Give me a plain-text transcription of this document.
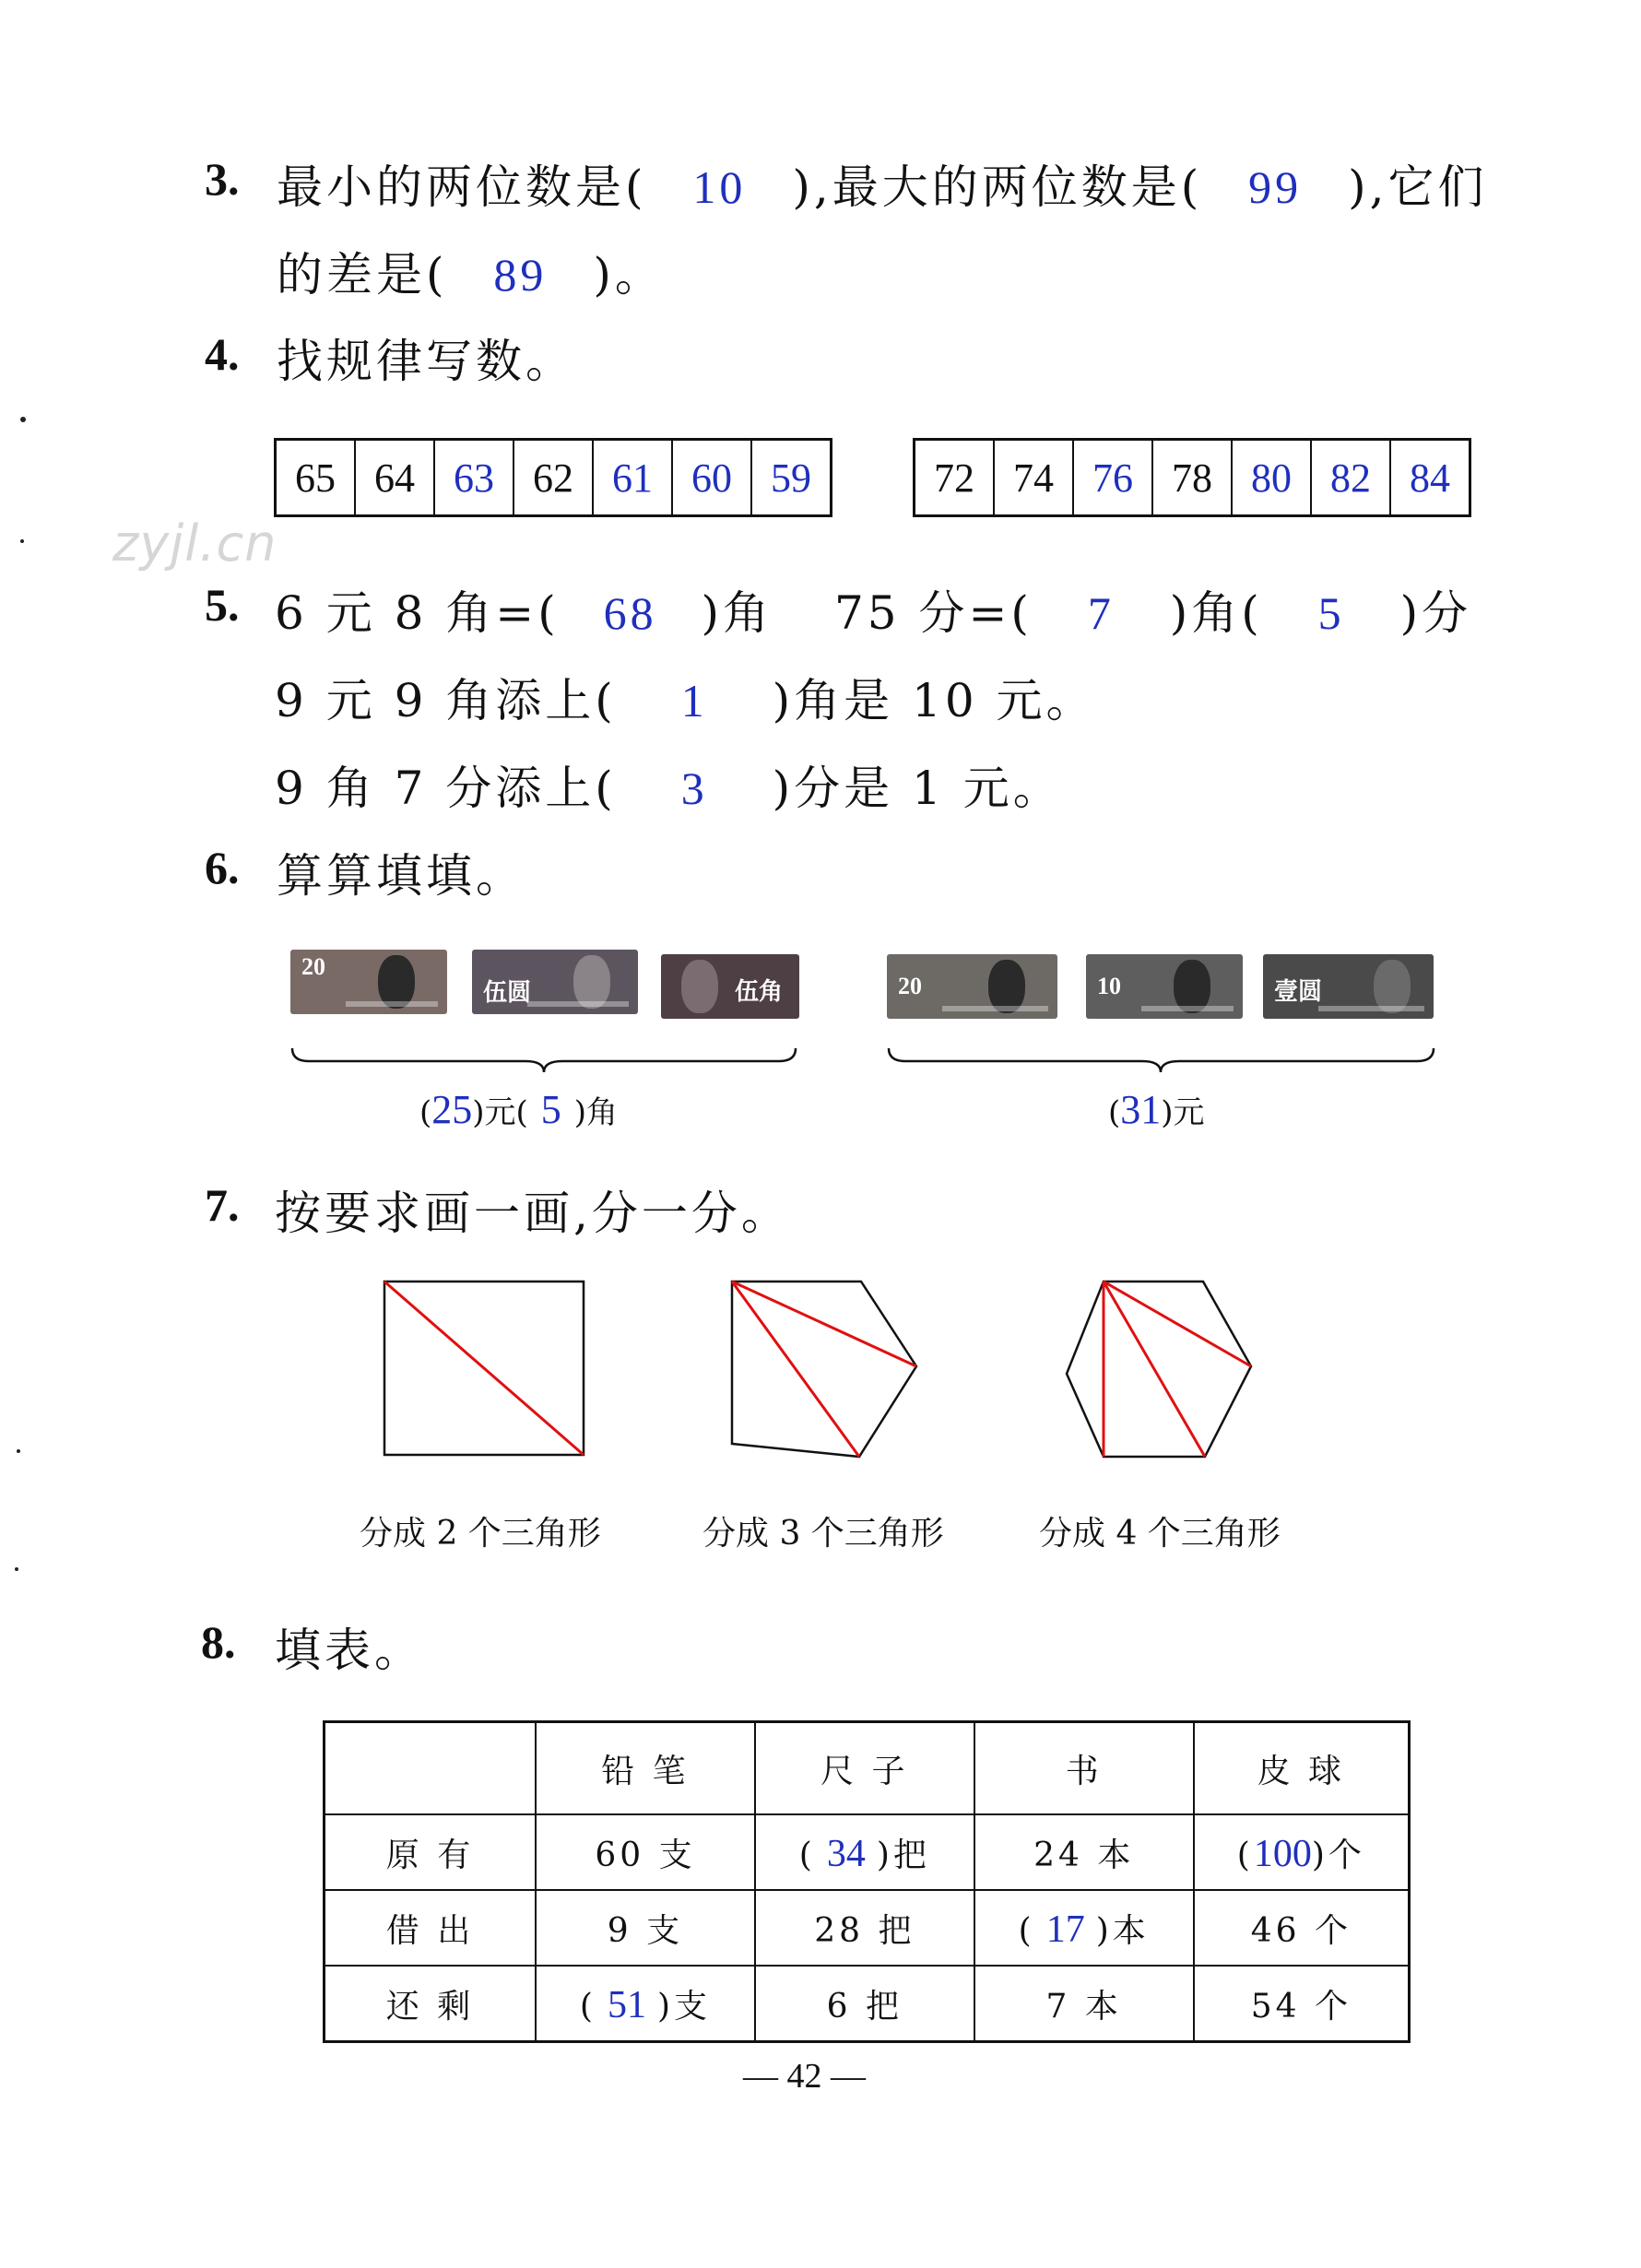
3. 最小的两位数是( 10 ),最大的两位数是( 99 ),它们
的差是( 89 )。
4. 找规律写数。
65 64 63 62 61 60 59	72 74 76 78 80 82 84
zyjl.cn
5. 6 元 8 角=( 68 )角 75 分=( 7 )角( 5 )分
9 元 9 角添上( 1 )角是 10 元。
9 角 7 分添上( 3 )分是 1 元。
6. 算算填填。
20
伍圆	伍角	20	10	壹圆
(25)元( 5 )角	(31)元
7. 按要求画一画,分一分。
分成 2 个三角形	分成 3 个三角形	分成 4 个三角形
8. 填表。
	铅 笔	尺 子	书	皮 球
原 有	60 支	( 34 )把	24 本	(100)个
借 出	9 支	28 把	( 17 )本	46 个
还 剩	( 51 )支	6 把	7 本	54 个
— 42 —
